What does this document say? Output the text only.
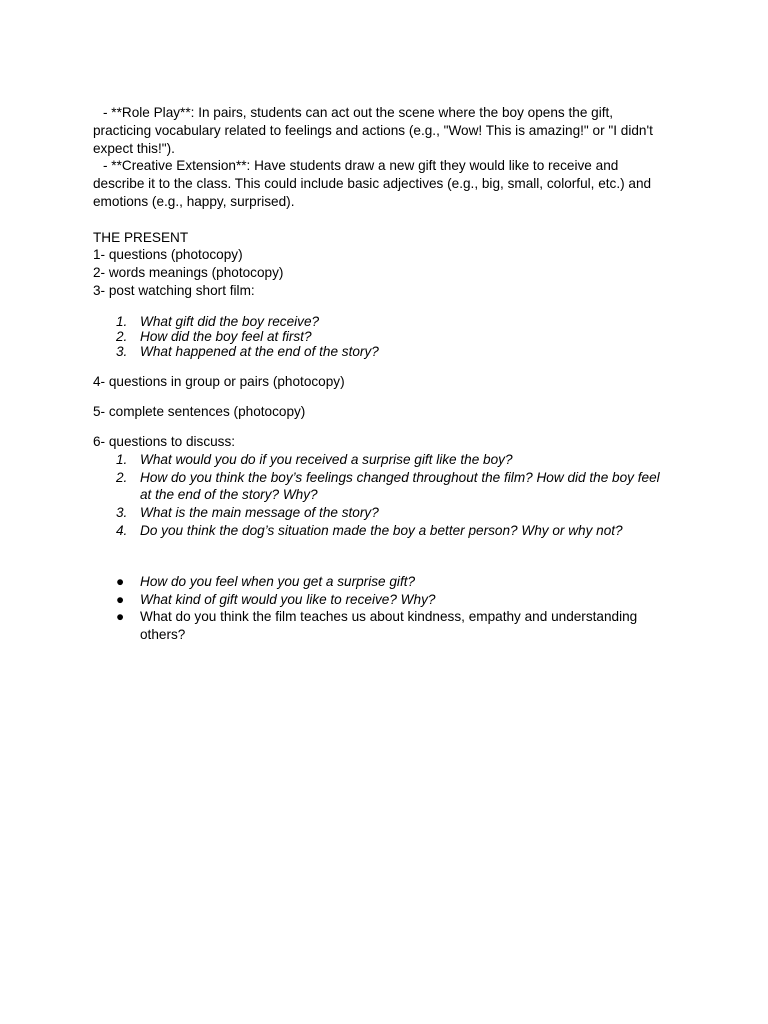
- **Role Play**: In pairs, students can act out the scene where the boy opens the gift, practicing vocabulary related to feelings and actions (e.g., "Wow! This is amazing!" or "I didn't expect this!").

- **Creative Extension**: Have students draw a new gift they would like to receive and describe it to the class. This could include basic adjectives (e.g., big, small, colorful, etc.) and emotions (e.g., happy, surprised).

THE PRESENT

1- questions (photocopy)

2- words meanings (photocopy)

3- post watching short film:

1. What gift did the boy receive?
2. How did the boy feel at first?
3. What happened at the end of the story?

4- questions in group or pairs (photocopy)

5- complete sentences (photocopy)

6- questions to discuss:

1. What would you do if you received a surprise gift like the boy?
2. How do you think the boy’s feelings changed throughout the film? How did the boy feel at the end of the story? Why?
3. What is the main message of the story?
4. Do you think the dog’s situation made the boy a better person? Why or why not?
● How do you feel when you get a surprise gift?
● What kind of gift would you like to receive? Why?
● What do you think the film teaches us about kindness, empathy and understanding others?
